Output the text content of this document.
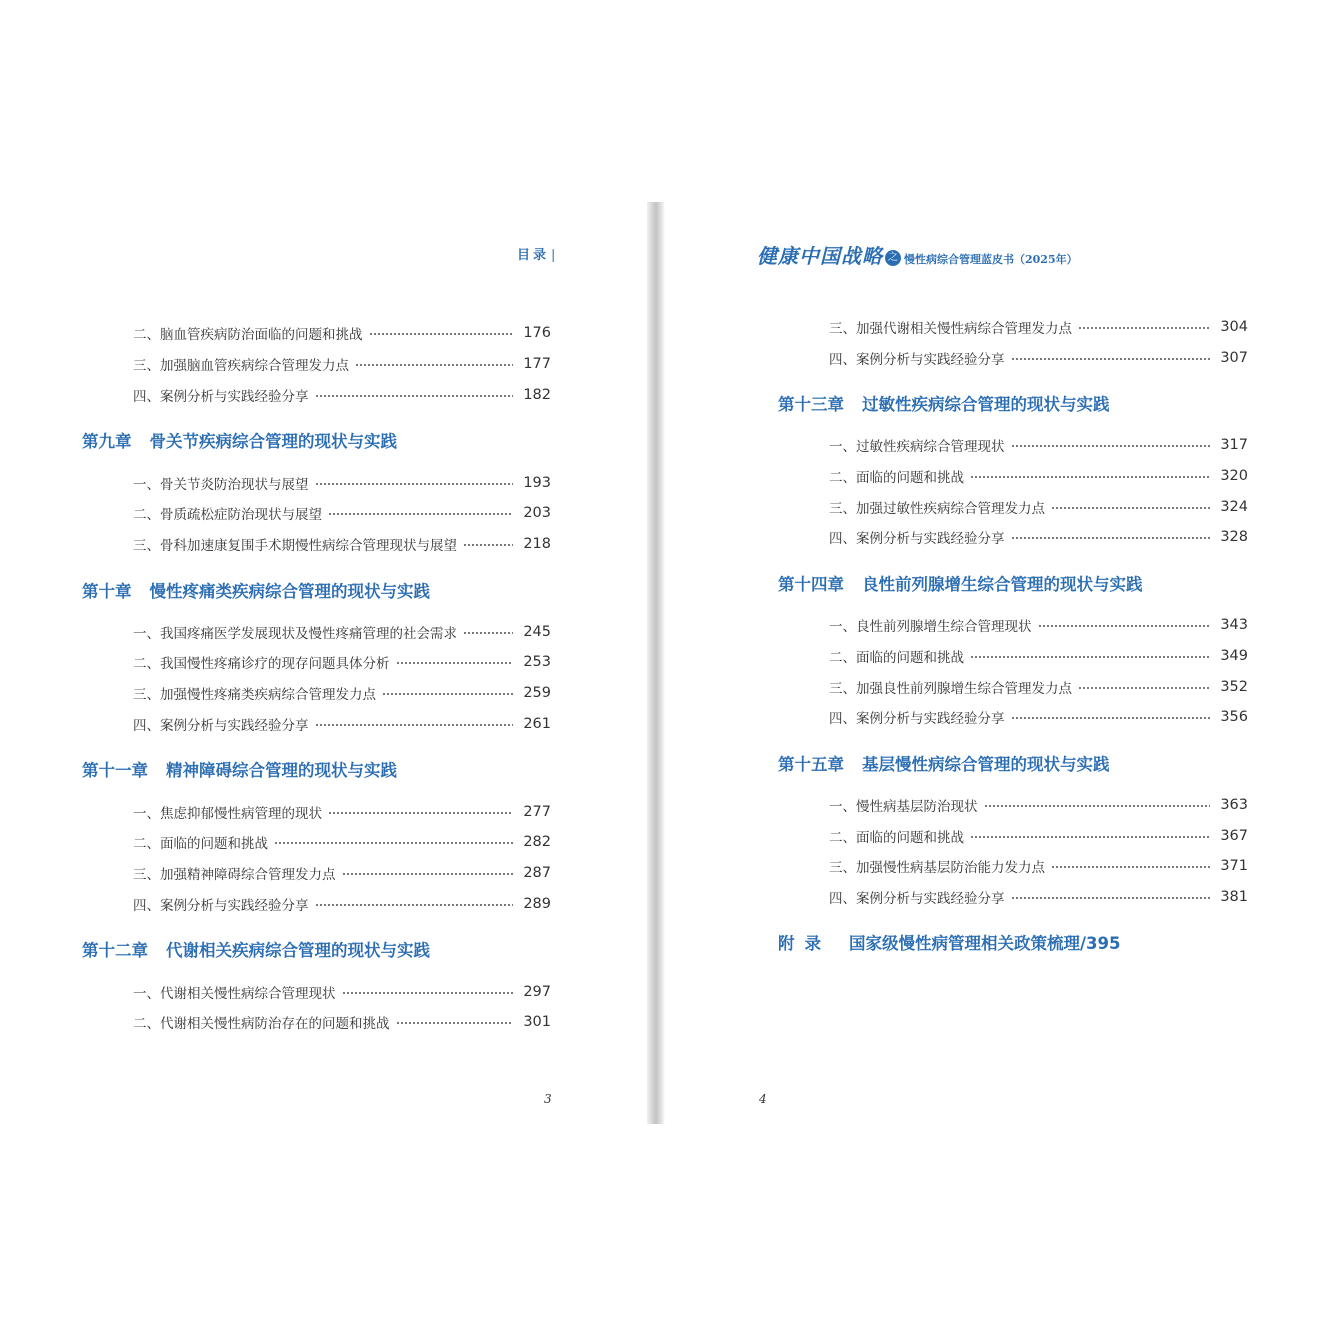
目录 |
二、脑血管疾病防治面临的问题和挑战	176
三、加强脑血管疾病综合管理发力点	177
四、案例分析与实践经验分享	182
第九章 骨关节疾病综合管理的现状与实践
一、骨关节炎防治现状与展望	193
二、骨质疏松症防治现状与展望	203
三、骨科加速康复围手术期慢性病综合管理现状与展望	218
第十章 慢性疼痛类疾病综合管理的现状与实践
一、我国疼痛医学发展现状及慢性疼痛管理的社会需求	245
二、我国慢性疼痛诊疗的现存问题具体分析	253
三、加强慢性疼痛类疾病综合管理发力点	259
四、案例分析与实践经验分享	261
第十一章 精神障碍综合管理的现状与实践
一、焦虑抑郁慢性病管理的现状	277
二、面临的问题和挑战	282
三、加强精神障碍综合管理发力点	287
四、案例分析与实践经验分享	289
第十二章 代谢相关疾病综合管理的现状与实践
一、代谢相关慢性病综合管理现状	297
二、代谢相关慢性病防治存在的问题和挑战	301
3
健康中国战略 之 慢性病综合管理蓝皮书（2025年）
三、加强代谢相关慢性病综合管理发力点	304
四、案例分析与实践经验分享	307
第十三章 过敏性疾病综合管理的现状与实践
一、过敏性疾病综合管理现状	317
二、面临的问题和挑战	320
三、加强过敏性疾病综合管理发力点	324
四、案例分析与实践经验分享	328
第十四章 良性前列腺增生综合管理的现状与实践
一、良性前列腺增生综合管理现状	343
二、面临的问题和挑战	349
三、加强良性前列腺增生综合管理发力点	352
四、案例分析与实践经验分享	356
第十五章 基层慢性病综合管理的现状与实践
一、慢性病基层防治现状	363
二、面临的问题和挑战	367
三、加强慢性病基层防治能力发力点	371
四、案例分析与实践经验分享	381
附录 国家级慢性病管理相关政策梳理/395
4
